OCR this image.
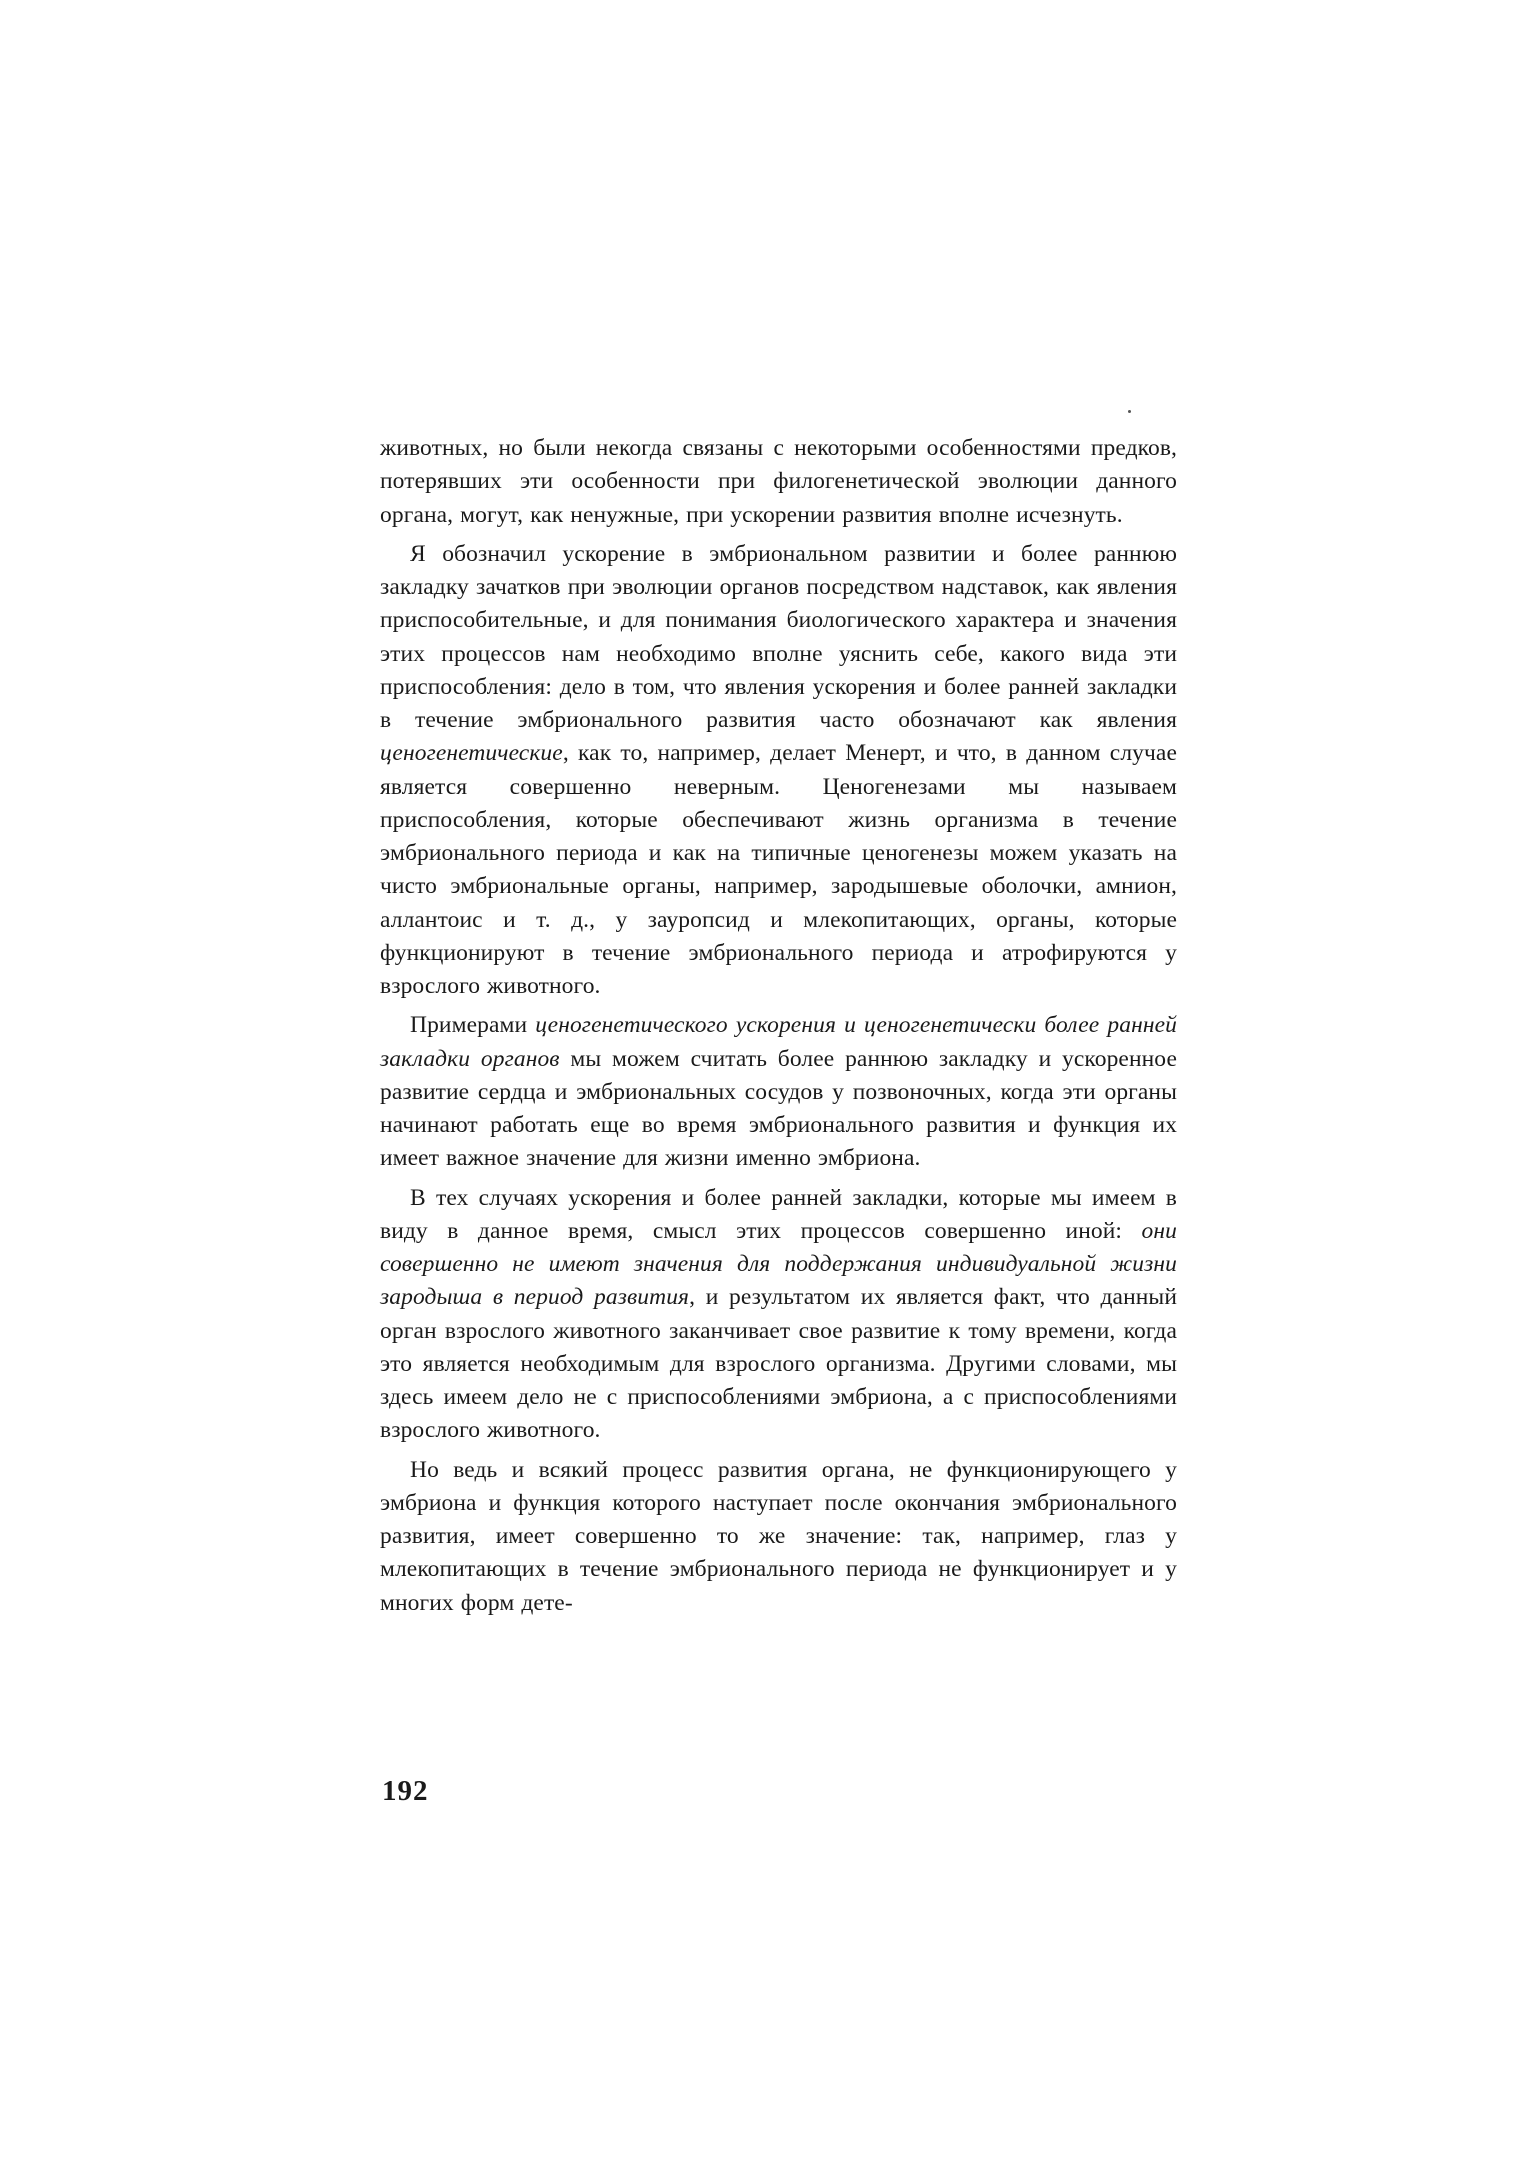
животных, но были некогда связаны с некоторыми особенностями предков, потерявших эти особенности при филогенетической эволюции данного органа, могут, как ненужные, при ускорении развития вполне исчезнуть.

Я обозначил ускорение в эмбриональном развитии и более раннюю закладку зачатков при эволюции органов посредством надставок, как явления приспособительные, и для понимания биологического характера и значения этих процессов нам необходимо вполне уяснить себе, какого вида эти приспособления: дело в том, что явления ускорения и более ранней закладки в течение эмбрионального развития часто обозначают как явления ценогенетические, как то, например, делает Менерт, и что, в данном случае является совершенно неверным. Ценогенезами мы называем приспособления, которые обеспечивают жизнь организма в течение эмбрионального периода и как на типичные ценогенезы можем указать на чисто эмбриональные органы, например, зародышевые оболочки, амнион, аллантоис и т. д., у зауропсид и млекопитающих, органы, которые функционируют в течение эмбрионального периода и атрофируются у взрослого животного.

Примерами ценогенетического ускорения и ценогенетически более ранней закладки органов мы можем считать более раннюю закладку и ускоренное развитие сердца и эмбриональных сосудов у позвоночных, когда эти органы начинают работать еще во время эмбрионального развития и функция их имеет важное значение для жизни именно эмбриона.

В тех случаях ускорения и более ранней закладки, которые мы имеем в виду в данное время, смысл этих процессов совершенно иной: они совершенно не имеют значения для поддержания индивидуальной жизни зародыша в период развития, и результатом их является факт, что данный орган взрослого животного заканчивает свое развитие к тому времени, когда это является необходимым для взрослого организма. Другими словами, мы здесь имеем дело не с приспособлениями эмбриона, а с приспособлениями взрослого животного.

Но ведь и всякий процесс развития органа, не функционирующего у эмбриона и функция которого наступает после окончания эмбрионального развития, имеет совершенно то же значение: так, например, глаз у млекопитающих в течение эмбрионального периода не функционирует и у многих форм дете-

192
